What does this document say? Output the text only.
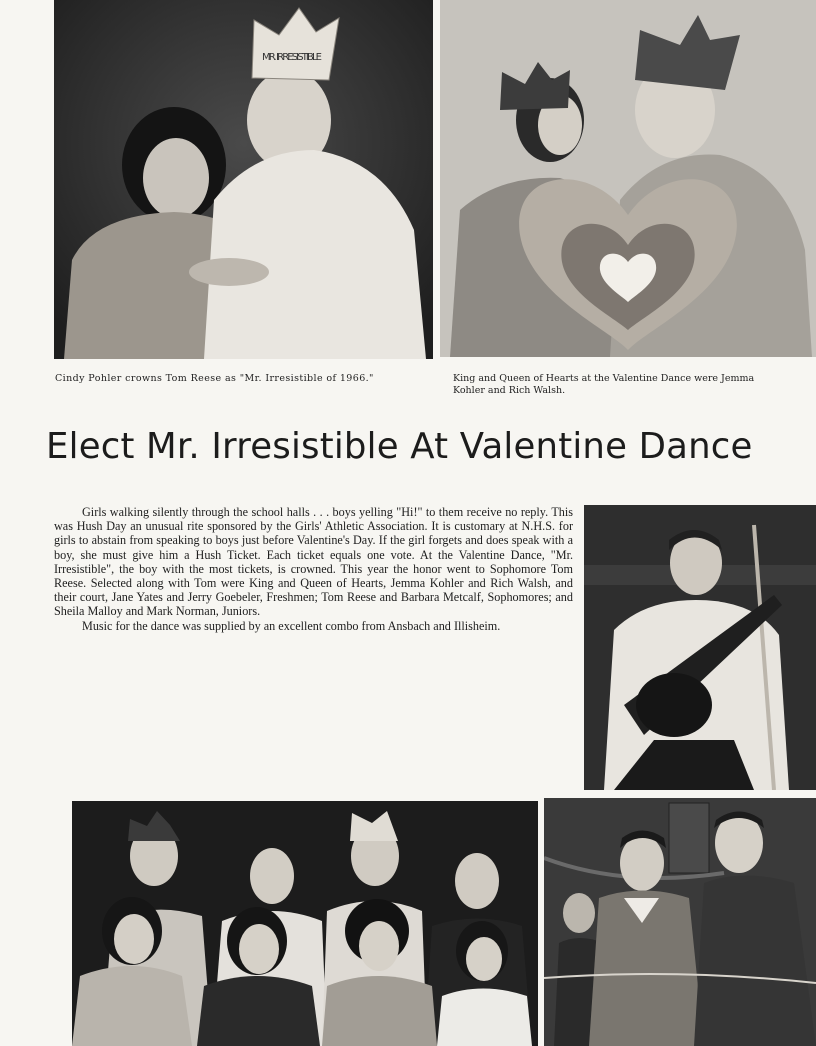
MR. IRRESISTIBLE
Cindy Pohler crowns Tom Reese as "Mr. Irresistible of 1966."	King and Queen of Hearts at the Valentine Dance were Jemma Kohler and Rich Walsh.
Elect Mr. Irresistible At Valentine Dance

Girls walking silently through the school halls . . . boys yelling "Hi!" to them receive no reply. This was Hush Day an unusual rite sponsored by the Girls' Athletic Association. It is customary at N.H.S. for girls to abstain from speaking to boys just before Valentine's Day. If the girl forgets and does speak with a boy, she must give him a Hush Ticket. Each ticket equals one vote. At the Valentine Dance, "Mr. Irresistible", the boy with the most tickets, is crowned. This year the honor went to Sophomore Tom Reese. Selected along with Tom were King and Queen of Hearts, Jemma Kohler and Rich Walsh, and their court, Jane Yates and Jerry Goebeler, Freshmen; Tom Reese and Barbara Metcalf, Sophomores; and Sheila Malloy and Mark Norman, Juniors.

Music for the dance was supplied by an excellent combo from Ansbach and Illisheim.
